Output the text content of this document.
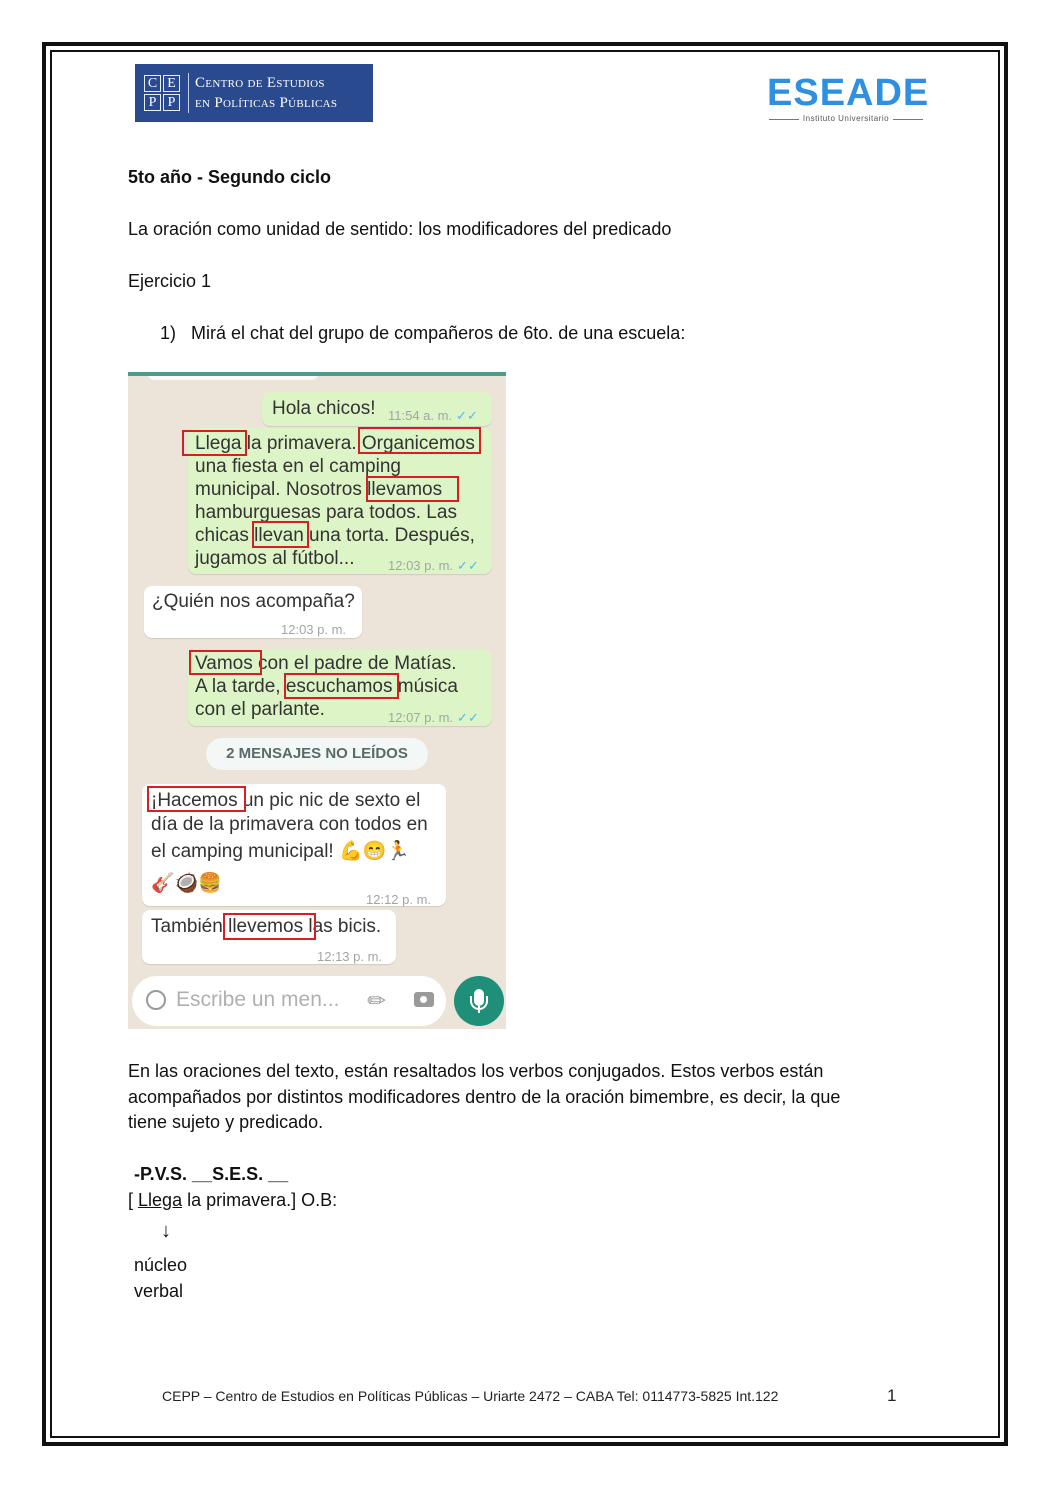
C E
P P
Centro de Estudios
en Políticas Públicas	ESEADE
Instituto Universitario
5to año - Segundo ciclo
La oración como unidad de sentido: los modificadores del predicado
Ejercicio 1
1)   Mirá el chat del grupo de compañeros de 6to. de una escuela:
Hola chicos! 11:54 a. m. ✓✓
Llega la primavera. Organicemos
una fiesta en el camping
municipal. Nosotros llevamos
hamburguesas para todos. Las
chicas llevan una torta. Después,
jugamos al fútbol...	12:03 p. m. ✓✓
¿Quién nos acompaña?
12:03 p. m.
Vamos con el padre de Matías.
A la tarde, escuchamos música
con el parlante.	12:07 p. m. ✓✓
2 MENSAJES NO LEÍDOS
¡Hacemos un pic nic de sexto el
día de la primavera con todos en
el camping municipal! 💪😁🏃
🎸🥥🍔
12:12 p. m.
También llevemos las bicis.
12:13 p. m.
Escribe un men... ✎
En las oraciones del texto, están resaltados los verbos conjugados. Estos verbos están
acompañados por distintos modificadores dentro de la oración bimembre, es decir, la que
tiene sujeto y predicado.
-P.V.S. __S.E.S. __
[ Llega la primavera.] O.B:
↓
núcleo
verbal
CEPP – Centro de Estudios en Políticas Públicas – Uriarte 2472 – CABA Tel: 0114773-5825 Int.122	1
